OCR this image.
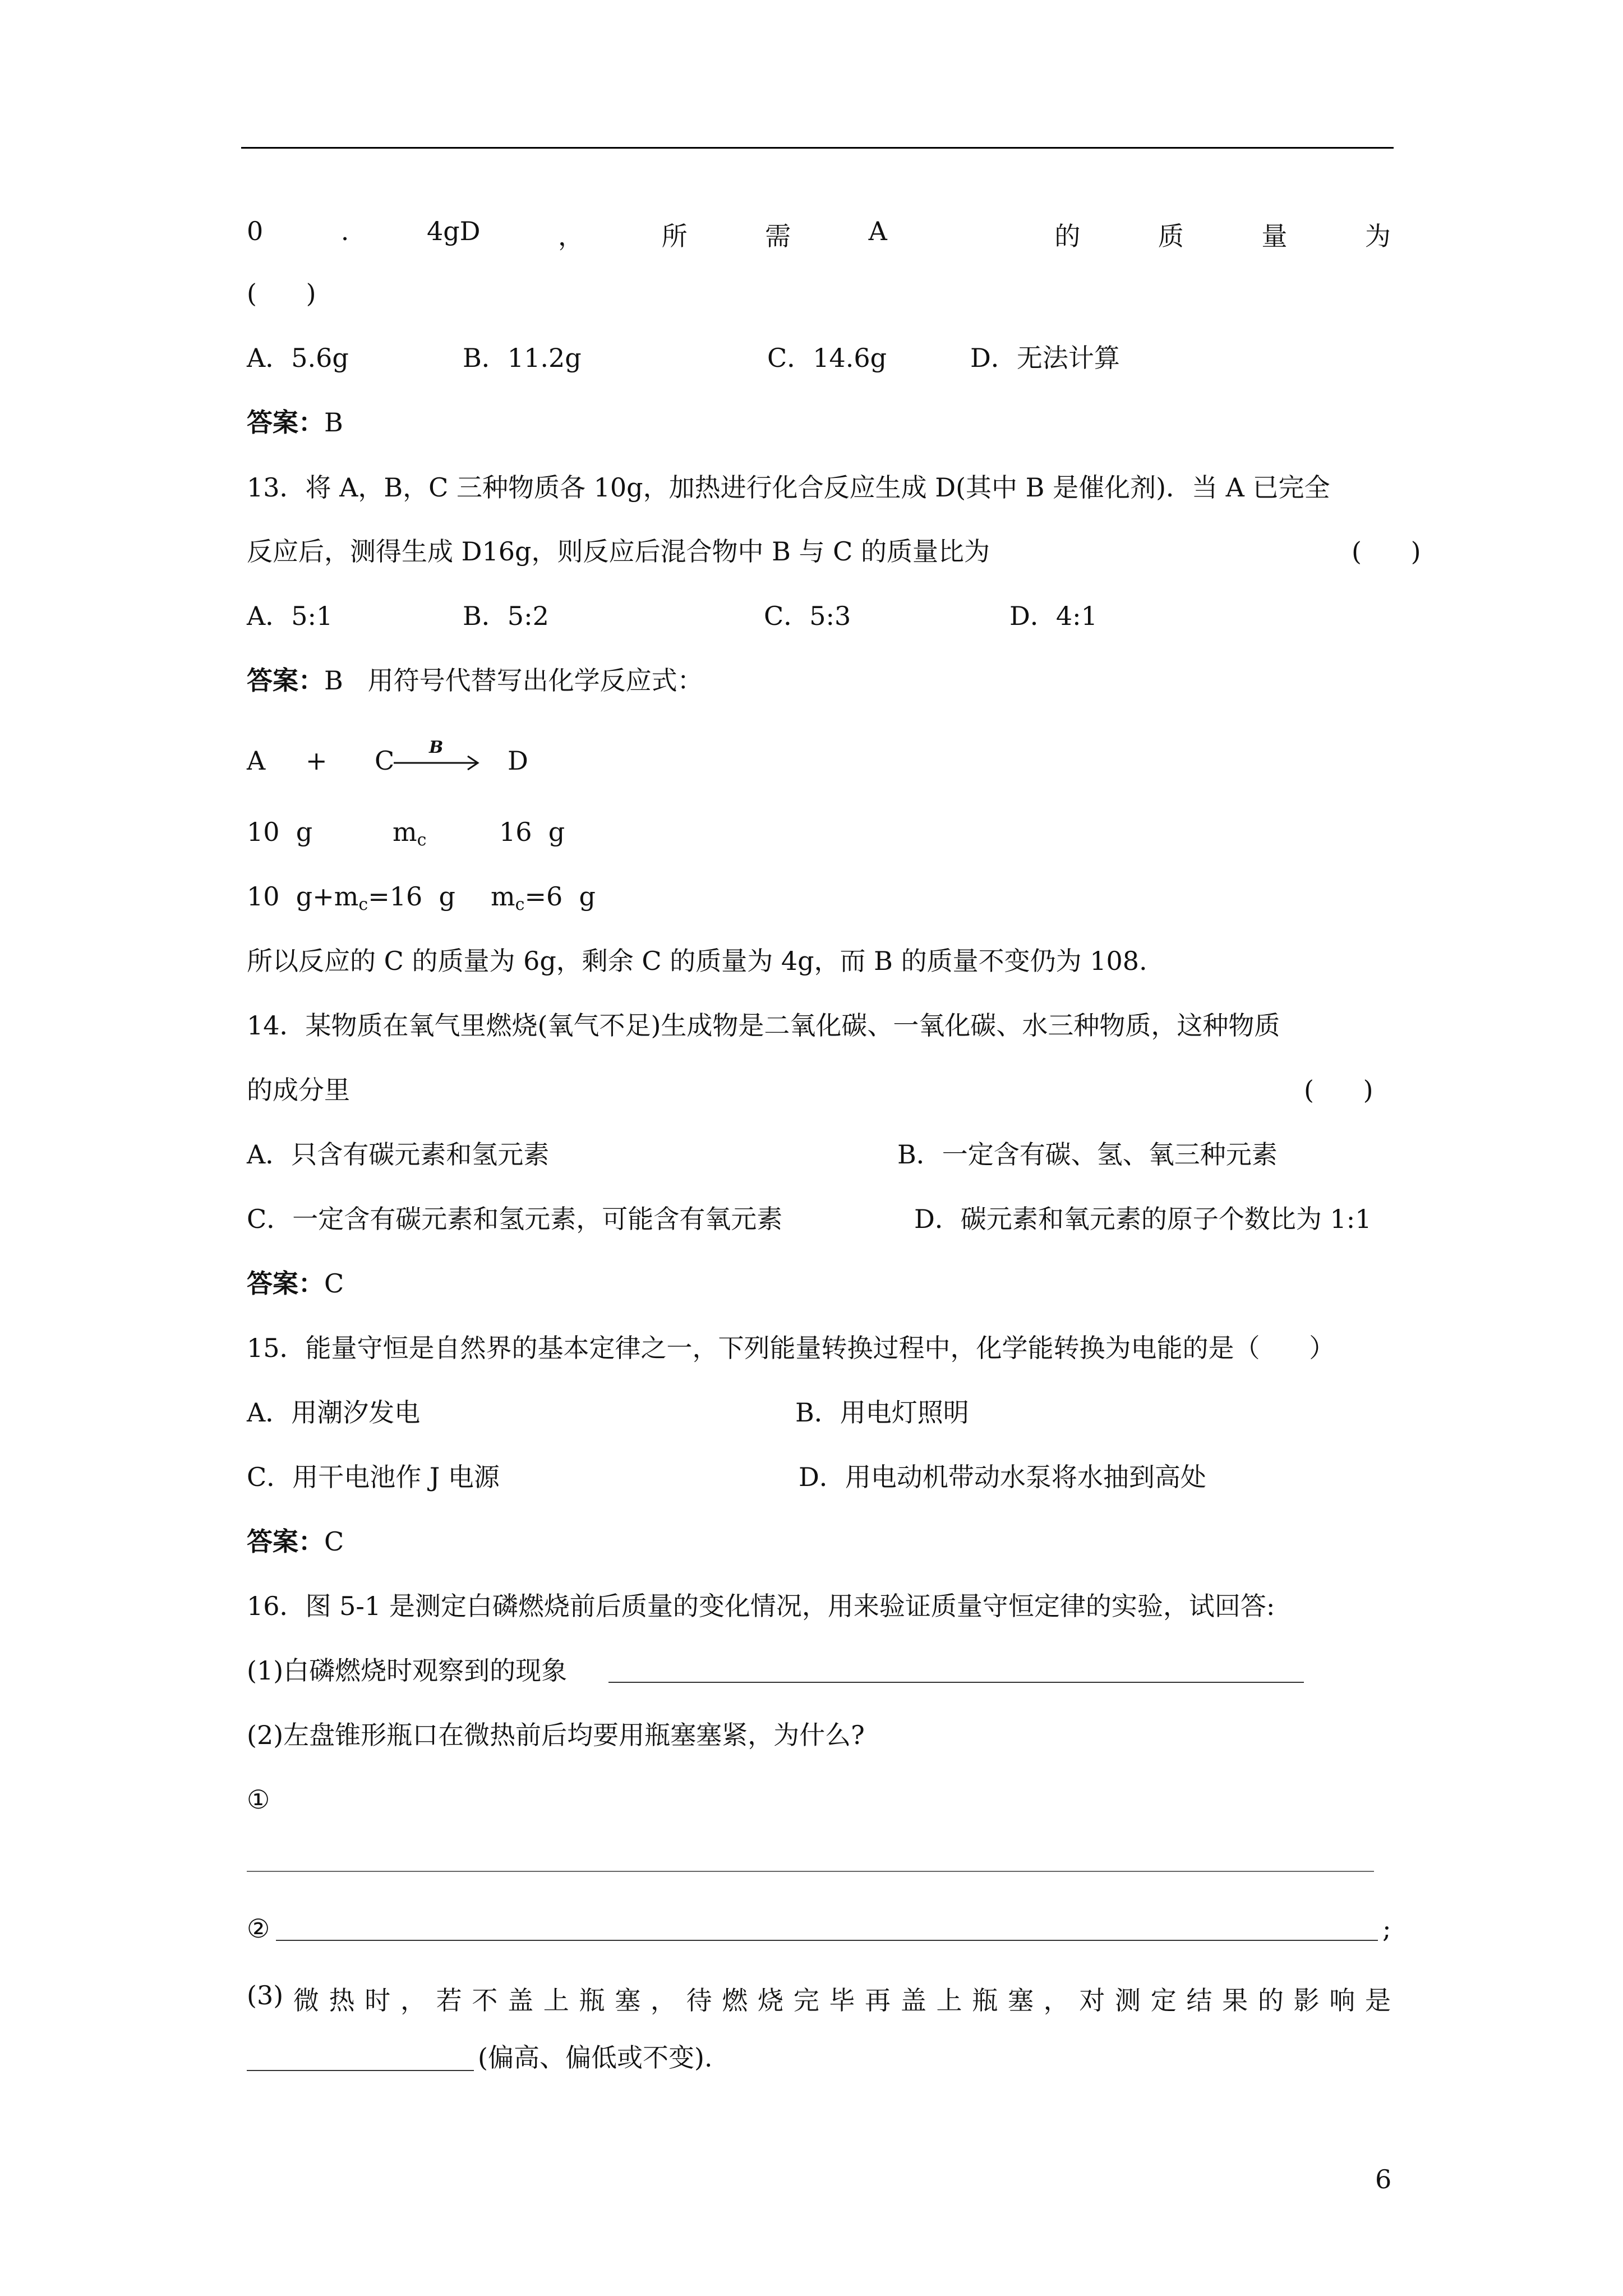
0	.	4gD	，	所	需	A	的	质	量	为
(      )
A．5.6g	B．11.2g	C．14.6g	D．无法计算
答案：B
13．将 A，B，C 三种物质各 10g，加热进行化合反应生成 D(其中 B 是催化剂)．当 A 已完全
反应后，测得生成 D16g，则反应后混合物中 B 与 C 的质量比为	(      )
A．5:1	B．5:2	C．5:3	D．4:1
答案：B   用符号代替写出化学反应式：
A + C B → D
10  g	$m_c$	16  g
10  $g+m_c=16$  g $m_c=6$  g
所以反应的 C 的质量为 6g，剩余 C 的质量为 4g，而 B 的质量不变仍为 108.
14．某物质在氧气里燃烧(氧气不足)生成物是二氧化碳、一氧化碳、水三种物质，这种物质
的成分里	(      )
A．只含有碳元素和氢元素	B．一定含有碳、氢、氧三种元素
C．一定含有碳元素和氢元素，可能含有氧元素	D．碳元素和氧元素的原子个数比为 1:1
答案：C
15．能量守恒是自然界的基本定律之一，下列能量转换过程中，化学能转换为电能的是（      ）
A．用潮汐发电	B．用电灯照明
C．用干电池作 J 电源	D．用电动机带动水泵将水抽到高处
答案：C
16．图 5-1 是测定白磷燃烧前后质量的变化情况，用来验证质量守恒定律的实验，试回答:
(1)白磷燃烧时观察到的现象
(2)左盘锥形瓶口在微热前后均要用瓶塞塞紧，为什么?
①
②	;
(3) 微 热 时 ， 若 不 盖 上 瓶 塞 ， 待 燃 烧 完 毕 再 盖 上 瓶 塞 ， 对 测 定 结 果 的 影 响 是
(偏高、偏低或不变).
6
